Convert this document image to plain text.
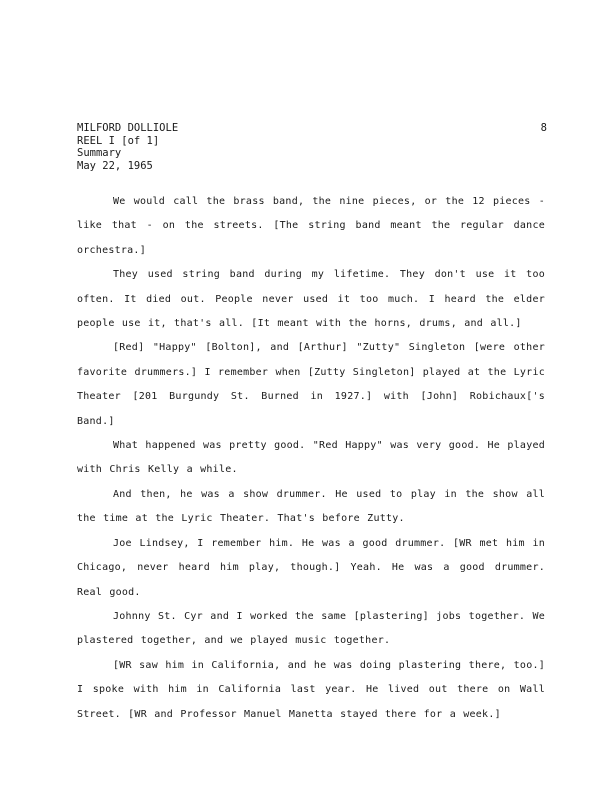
MILFORD DOLLIOLE
REEL I [of 1]
Summary
May 22, 1965
8

We would call the brass band, the nine pieces, or the 12 pieces - like that - on the streets. [The string band meant the regular dance orchestra.]

They used string band during my lifetime. They don't use it too often. It died out. People never used it too much. I heard the elder people use it, that's all. [It meant with the horns, drums, and all.]

[Red] "Happy" [Bolton], and [Arthur] "Zutty" Singleton [were other favorite drummers.] I remember when [Zutty Singleton] played at the Lyric Theater [201 Burgundy St. Burned in 1927.] with [John] Robichaux['s Band.]

What happened was pretty good. "Red Happy" was very good. He played with Chris Kelly a while.

And then, he was a show drummer. He used to play in the show all the time at the Lyric Theater. That's before Zutty.

Joe Lindsey, I remember him. He was a good drummer. [WR met him in Chicago, never heard him play, though.] Yeah. He was a good drummer. Real good.

Johnny St. Cyr and I worked the same [plastering] jobs together. We plastered together, and we played music together.

[WR saw him in California, and he was doing plastering there, too.] I spoke with him in California last year. He lived out there on Wall Street. [WR and Professor Manuel Manetta stayed there for a week.]
